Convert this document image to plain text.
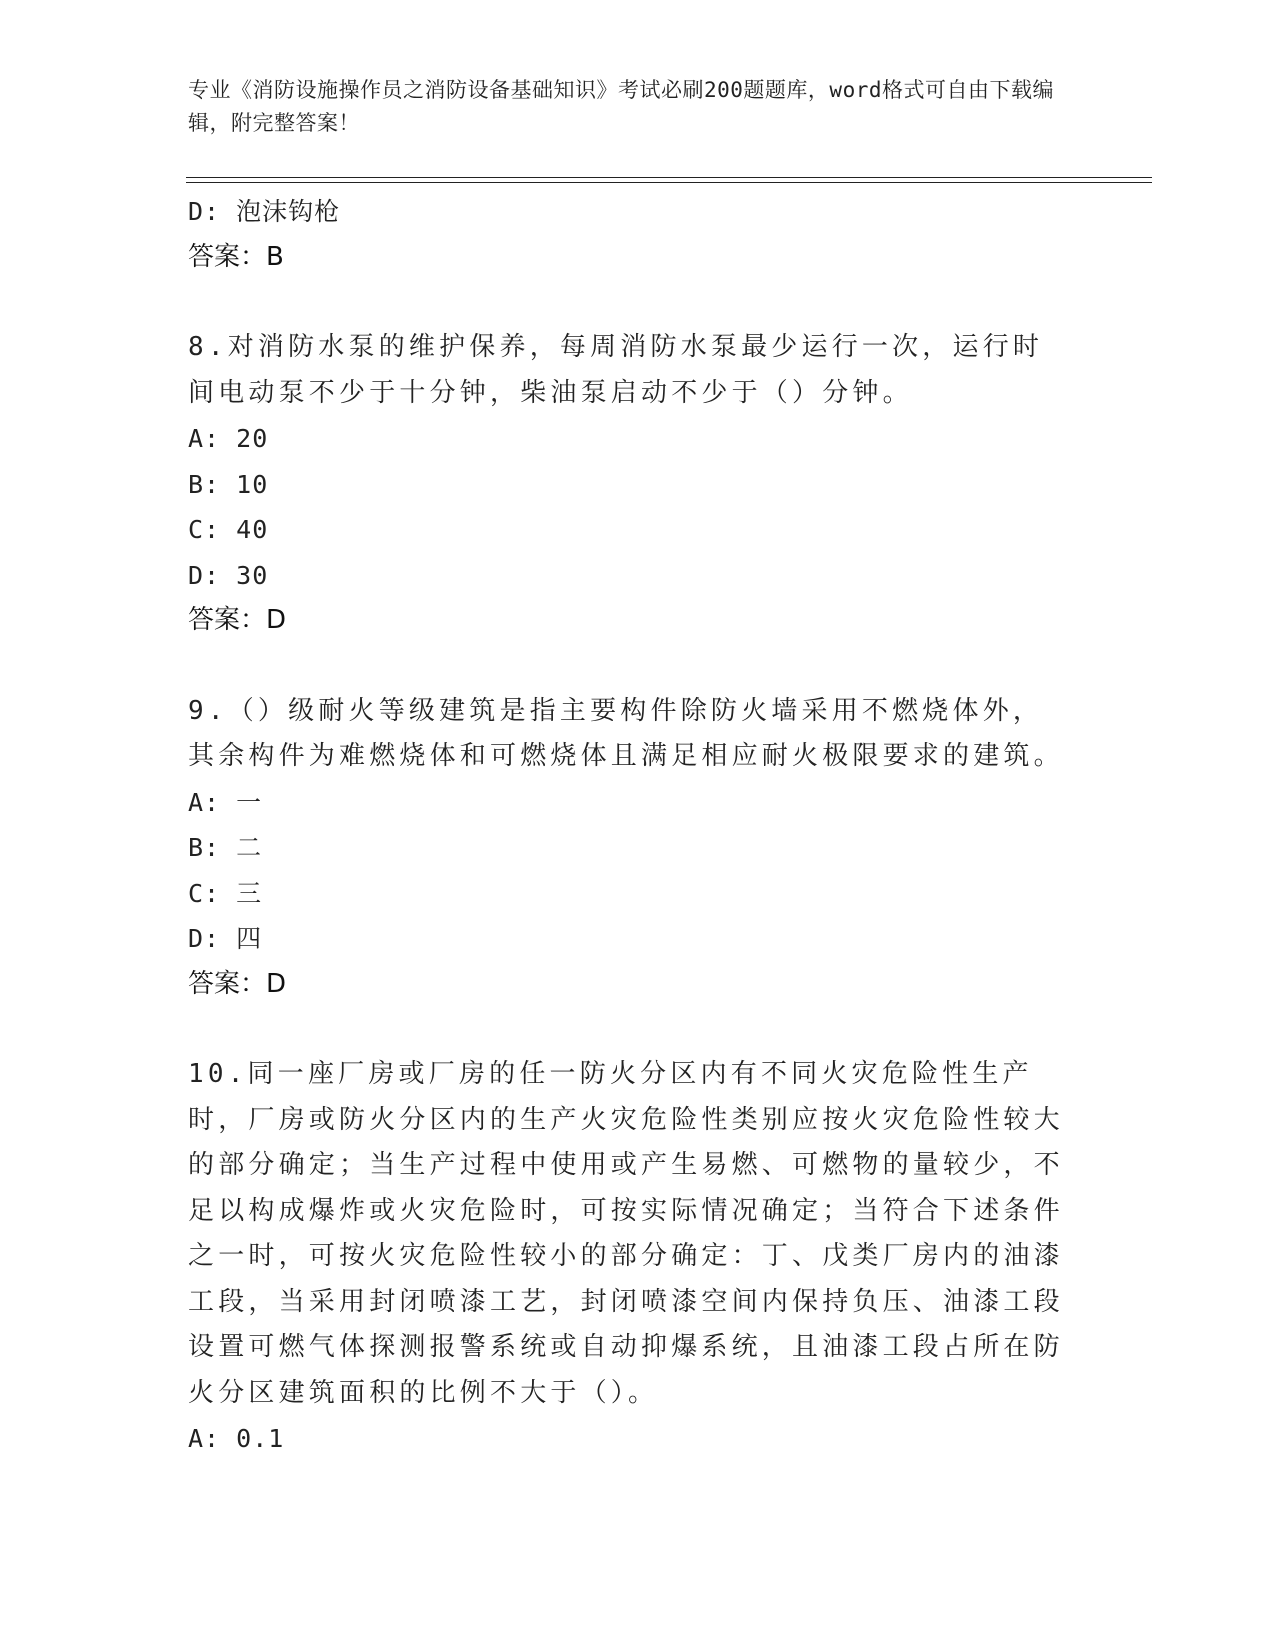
专业《消防设施操作员之消防设备基础知识》考试必刷200题题库，word格式可自由下载编辑，附完整答案！
D: 泡沫钩枪
答案：B
8.对消防水泵的维护保养，每周消防水泵最少运行一次，运行时间电动泵不少于十分钟，柴油泵启动不少于（）分钟。
A: 20
B: 10
C: 40
D: 30
答案：D
9.（）级耐火等级建筑是指主要构件除防火墙采用不燃烧体外，其余构件为难燃烧体和可燃烧体且满足相应耐火极限要求的建筑。
A: 一
B: 二
C: 三
D: 四
答案：D
10.同一座厂房或厂房的任一防火分区内有不同火灾危险性生产时，厂房或防火分区内的生产火灾危险性类别应按火灾危险性较大的部分确定；当生产过程中使用或产生易燃、可燃物的量较少，不足以构成爆炸或火灾危险时，可按实际情况确定；当符合下述条件之一时，可按火灾危险性较小的部分确定：丁、戊类厂房内的油漆工段，当采用封闭喷漆工艺，封闭喷漆空间内保持负压、油漆工段设置可燃气体探测报警系统或自动抑爆系统，且油漆工段占所在防火分区建筑面积的比例不大于（）。
A: 0.1
